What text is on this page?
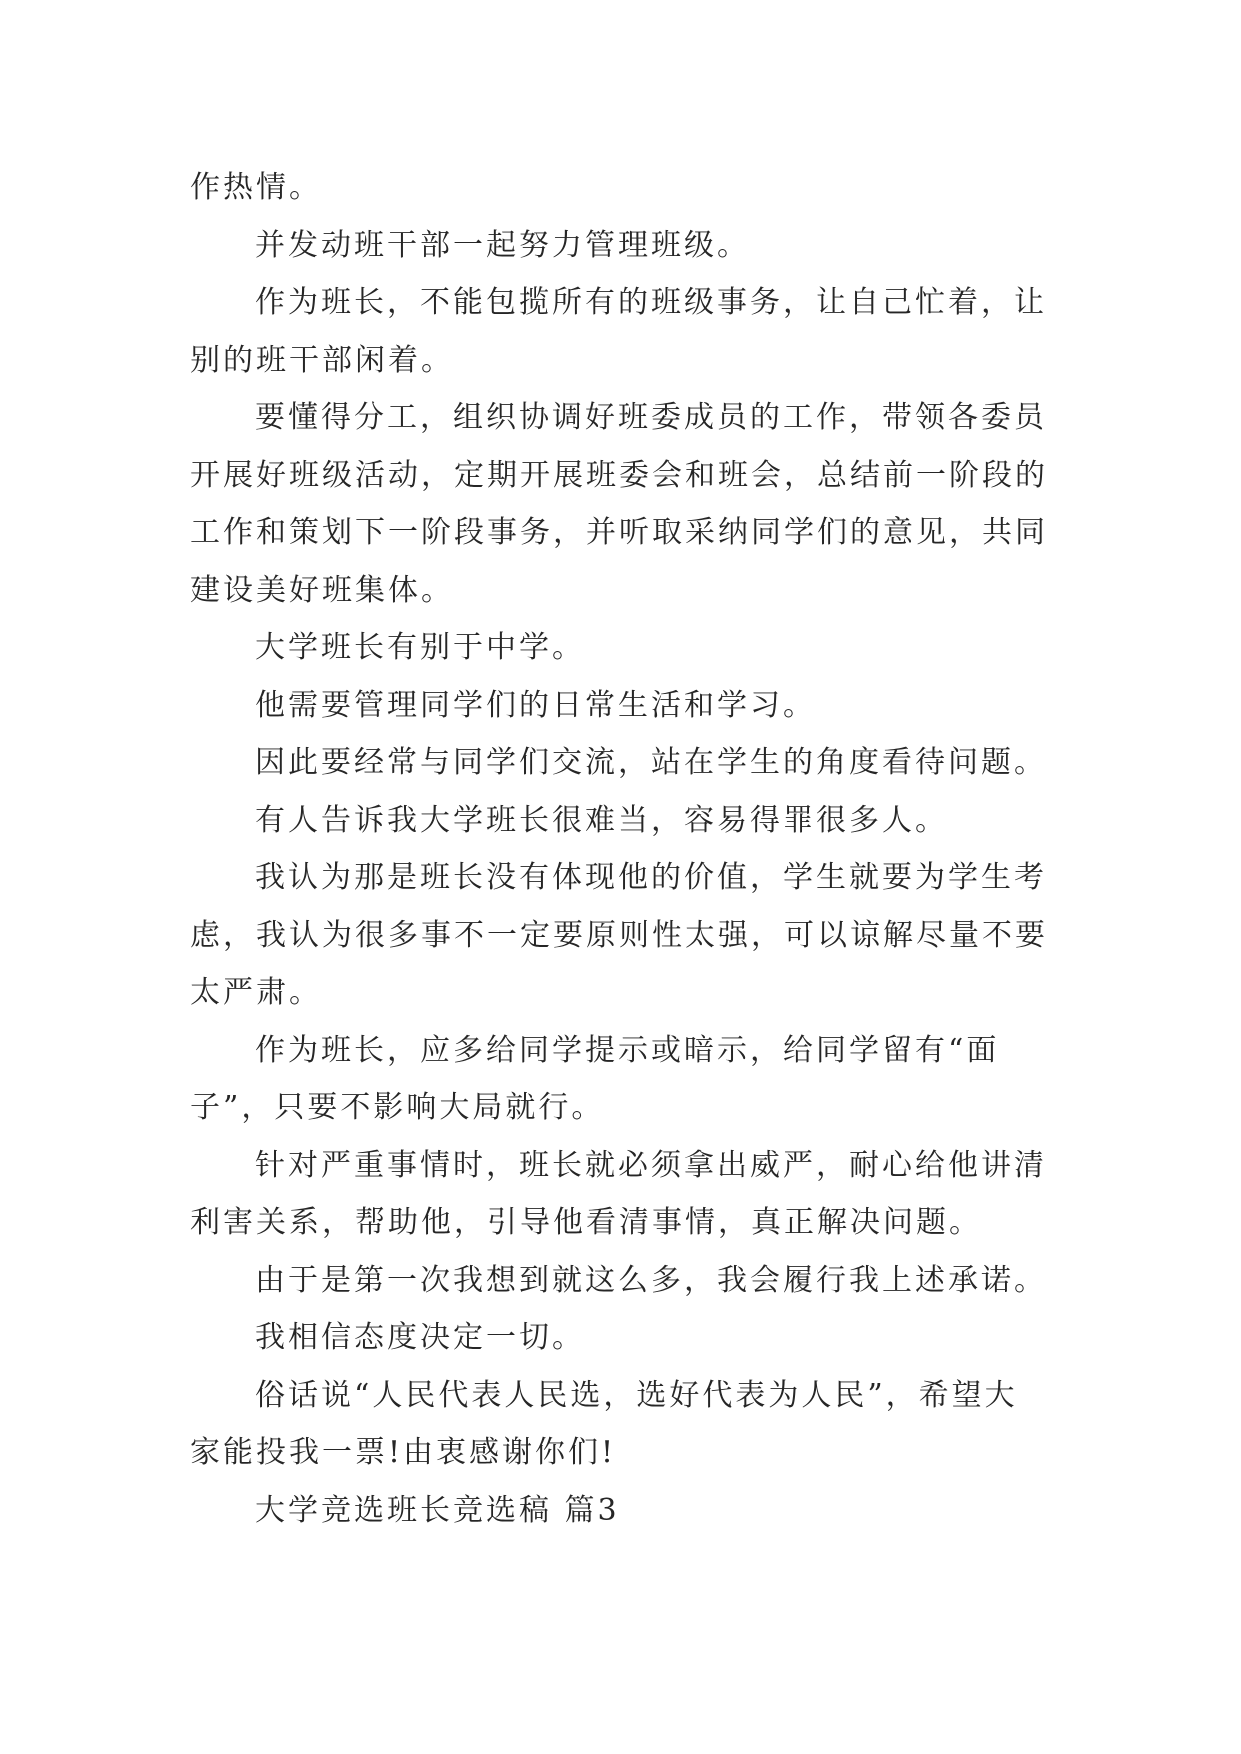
作热情。
并发动班干部一起努力管理班级。
作为班长，不能包揽所有的班级事务，让自己忙着，让
别的班干部闲着。
要懂得分工，组织协调好班委成员的工作，带领各委员
开展好班级活动，定期开展班委会和班会，总结前一阶段的
工作和策划下一阶段事务，并听取采纳同学们的意见，共同
建设美好班集体。
大学班长有别于中学。
他需要管理同学们的日常生活和学习。
因此要经常与同学们交流，站在学生的角度看待问题。
有人告诉我大学班长很难当，容易得罪很多人。
我认为那是班长没有体现他的价值，学生就要为学生考
虑，我认为很多事不一定要原则性太强，可以谅解尽量不要
太严肃。
作为班长，应多给同学提示或暗示，给同学留有“面
子”，只要不影响大局就行。
针对严重事情时，班长就必须拿出威严，耐心给他讲清
利害关系，帮助他，引导他看清事情，真正解决问题。
由于是第一次我想到就这么多，我会履行我上述承诺。
我相信态度决定一切。
俗话说“人民代表人民选，选好代表为人民”，希望大
家能投我一票!由衷感谢你们!
大学竞选班长竞选稿 篇3
